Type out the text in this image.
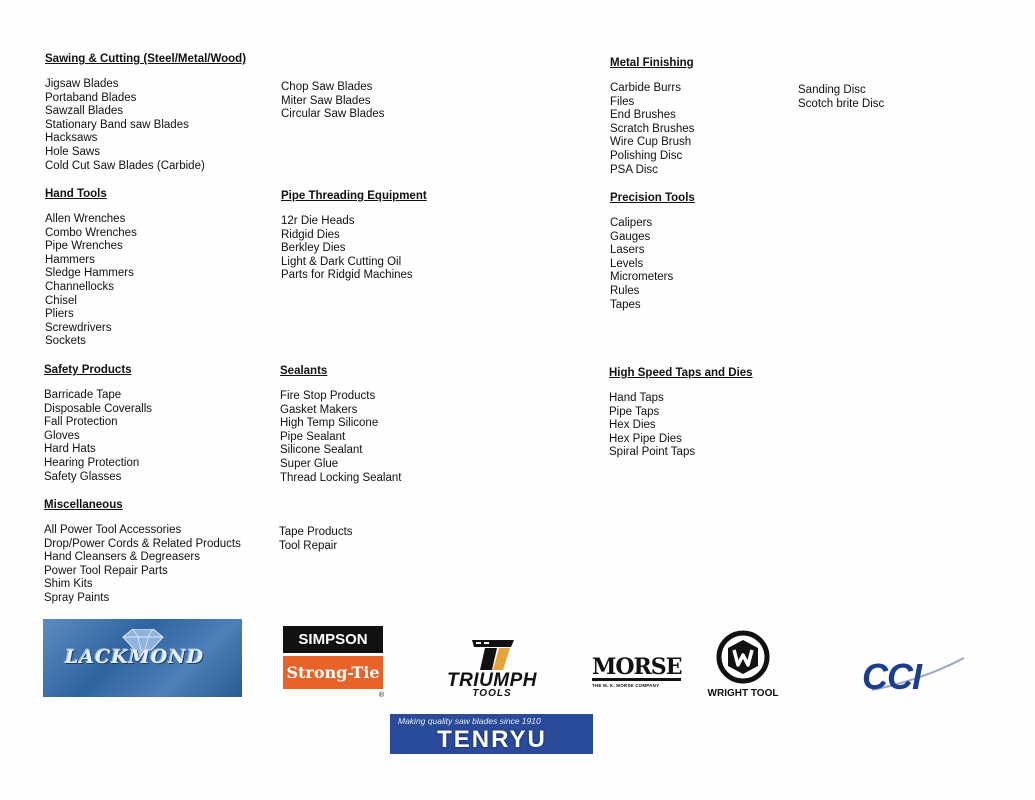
Sawing & Cutting (Steel/Metal/Wood)
Jigsaw Blades
Portaband Blades
Sawzall Blades
Stationary Band saw Blades
Hacksaws
Hole Saws
Cold Cut Saw Blades (Carbide)
Chop Saw Blades
Miter Saw Blades
Circular Saw Blades
Metal Finishing
Carbide Burrs
Files
End Brushes
Scratch Brushes
Wire Cup Brush
Polishing Disc
PSA Disc
Sanding Disc
Scotch brite Disc
Hand Tools
Allen Wrenches
Combo Wrenches
Pipe Wrenches
Hammers
Sledge Hammers
Channellocks
Chisel
Pliers
Screwdrivers
Sockets
Pipe Threading Equipment
12r Die Heads
Ridgid Dies
Berkley Dies
Light & Dark Cutting Oil
Parts for Ridgid Machines
Precision Tools
Calipers
Gauges
Lasers
Levels
Micrometers
Rules
Tapes
Safety Products
Barricade Tape
Disposable Coveralls
Fall Protection
Gloves
Hard Hats
Hearing Protection
Safety Glasses
Sealants
Fire Stop Products
Gasket Makers
High Temp Silicone
Pipe Sealant
Silicone Sealant
Super Glue
Thread Locking Sealant
High Speed Taps and Dies
Hand Taps
Pipe Taps
Hex Dies
Hex Pipe Dies
Spiral Point Taps
Miscellaneous
All Power Tool Accessories
Drop/Power Cords & Related Products
Hand Cleansers & Degreasers
Power Tool Repair Parts
Shim Kits
Spray Paints
Tape Products
Tool Repair
LACKMOND
SIMPSON
Strong-Tie
®
TRIUMPH
TOOLS
MORSE
THE M. K. MORSE COMPANY
WRIGHT TOOL CCI
Making quality saw blades since 1910
TENRYU
